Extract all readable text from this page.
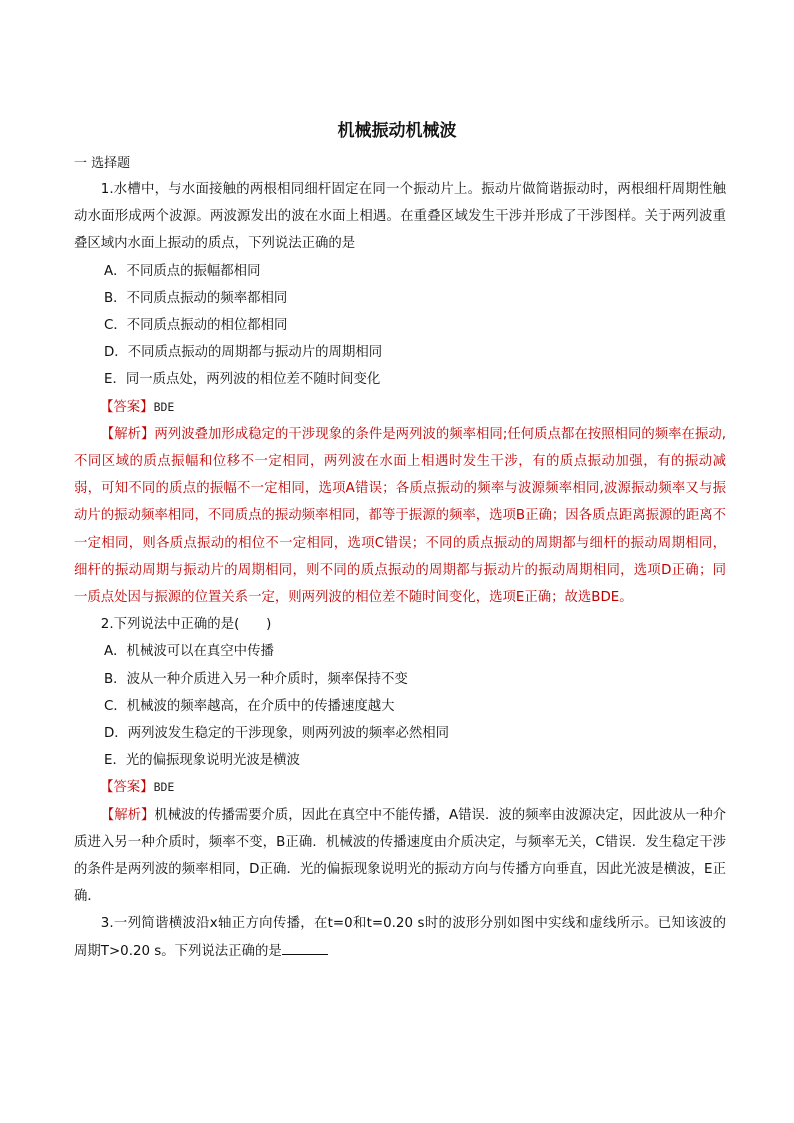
机械振动机械波
一 选择题

1.水槽中，与水面接触的两根相同细杆固定在同一个振动片上。振动片做简谐振动时，两根细杆周期性触动水面形成两个波源。两波源发出的波在水面上相遇。在重叠区域发生干涉并形成了干涉图样。关于两列波重叠区域内水面上振动的质点，下列说法正确的是

A．不同质点的振幅都相同

B．不同质点振动的频率都相同

C．不同质点振动的相位都相同

D．不同质点振动的周期都与振动片的周期相同

E．同一质点处，两列波的相位差不随时间变化

【答案】BDE

【解析】两列波叠加形成稳定的干涉现象的条件是两列波的频率相同;任何质点都在按照相同的频率在振动,不同区域的质点振幅和位移不一定相同，两列波在水面上相遇时发生干涉，有的质点振动加强，有的振动减弱，可知不同的质点的振幅不一定相同，选项A错误；各质点振动的频率与波源频率相同,波源振动频率又与振动片的振动频率相同，不同质点的振动频率相同，都等于振源的频率，选项B正确；因各质点距离振源的距离不一定相同，则各质点振动的相位不一定相同，选项C错误；不同的质点振动的周期都与细杆的振动周期相同，细杆的振动周期与振动片的周期相同，则不同的质点振动的周期都与振动片的振动周期相同，选项D正确；同一质点处因与振源的位置关系一定，则两列波的相位差不随时间变化，选项E正确；故选BDE。

2.下列说法中正确的是(　　)

A．机械波可以在真空中传播

B．波从一种介质进入另一种介质时，频率保持不变

C．机械波的频率越高，在介质中的传播速度越大

D．两列波发生稳定的干涉现象，则两列波的频率必然相同

E．光的偏振现象说明光波是横波

【答案】BDE

【解析】机械波的传播需要介质，因此在真空中不能传播，A错误．波的频率由波源决定，因此波从一种介质进入另一种介质时，频率不变，B正确．机械波的传播速度由介质决定，与频率无关，C错误．发生稳定干涉的条件是两列波的频率相同，D正确．光的偏振现象说明光的振动方向与传播方向垂直，因此光波是横波，E正确．

3.一列简谐横波沿x轴正方向传播，在t=0和t=0.20 s时的波形分别如图中实线和虚线所示。已知该波的周期T>0.20 s。下列说法正确的是
